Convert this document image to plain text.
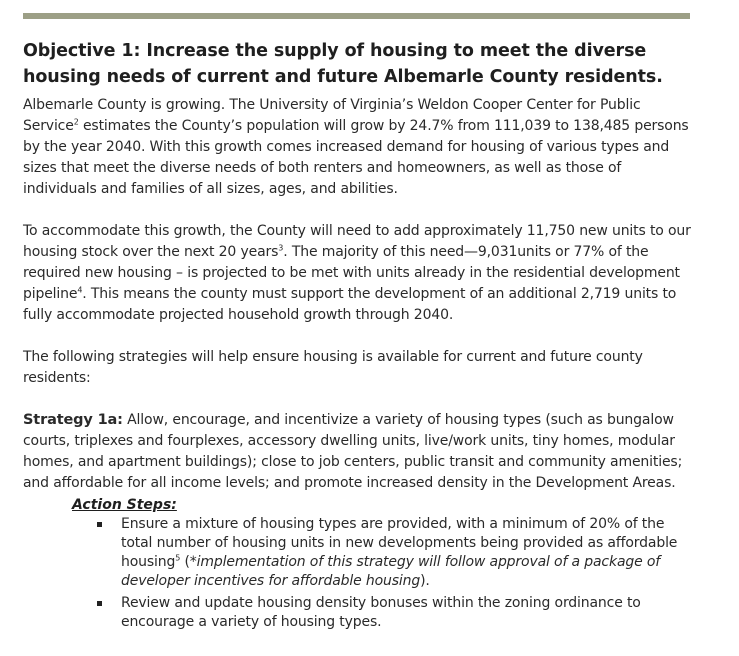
Objective 1: Increase the supply of housing to meet the diverse housing needs of current and future Albemarle County residents.

Albemarle County is growing. The University of Virginia’s Weldon Cooper Center for Public Service$^2$ estimates the County’s population will grow by 24.7% from 111,039 to 138,485 persons by the year 2040. With this growth comes increased demand for housing of various types and sizes that meet the diverse needs of both renters and homeowners, as well as those of individuals and families of all sizes, ages, and abilities.

To accommodate this growth, the County will need to add approximately 11,750 new units to our housing stock over the next 20 years$^3$. The majority of this need—9,031units or 77% of the required new housing – is projected to be met with units already in the residential development pipeline$^4$. This means the county must support the development of an additional 2,719 units to fully accommodate projected household growth through 2040.

The following strategies will help ensure housing is available for current and future county residents:

Strategy 1a: Allow, encourage, and incentivize a variety of housing types (such as bungalow courts, triplexes and fourplexes, accessory dwelling units, live/work units, tiny homes, modular homes, and apartment buildings); close to job centers, public transit and community amenities; and affordable for all income levels; and promote increased density in the Development Areas.

Action Steps:
Ensure a mixture of housing types are provided, with a minimum of 20% of the total number of housing units in new developments being provided as affordable housing$^5$ (*implementation of this strategy will follow approval of a package of developer incentives for affordable housing).
Review and update housing density bonuses within the zoning ordinance to encourage a variety of housing types.
